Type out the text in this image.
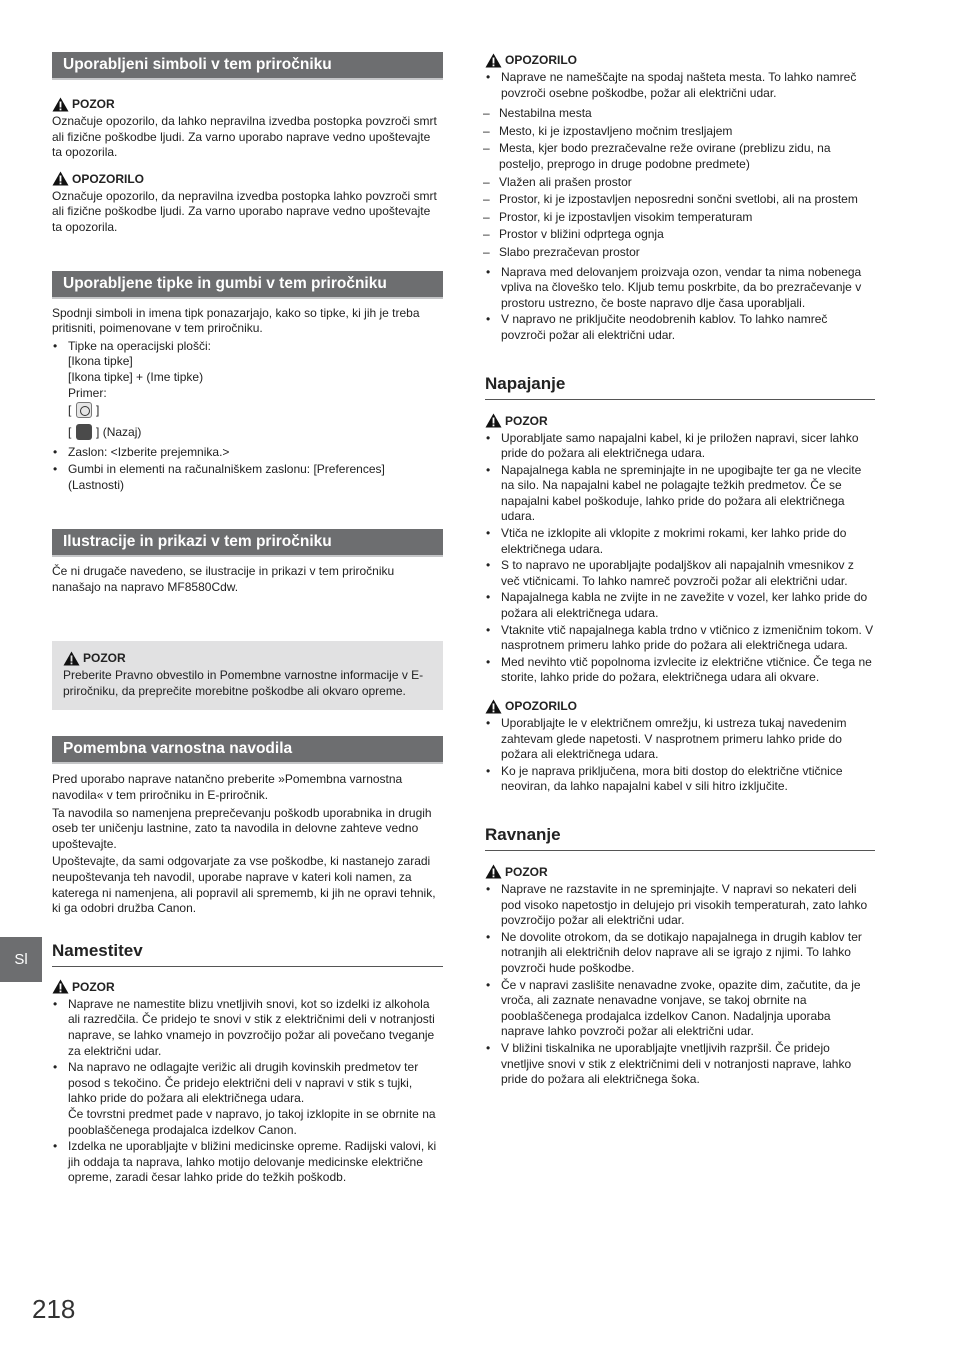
Uporabljeni simboli v tem priročniku
POZOR

Označuje opozorilo, da lahko nepravilna izvedba postopka povzroči smrt ali fizične poškodbe ljudi. Za varno uporabo naprave vedno upoštevajte ta opozorila.

OPOZORILO

Označuje opozorilo, da nepravilna izvedba postopka lahko povzroči smrt ali fizične poškodbe ljudi. Za varno uporabo naprave vedno upoštevajte ta opozorila.

Uporabljene tipke in gumbi v tem priročniku

Spodnji simboli in imena tipk ponazarjajo, kako so tipke, ki jih je treba pritisniti, poimenovane v tem priročniku.

• Tipke na operacijski plošči:
[Ikona tipke]
[Ikona tipke] + (Ime tipke)
Primer:
[ ]
[ ] (Nazaj)
• Zaslon: <Izberite prejemnika.>
• Gumbi in elementi na računalniškem zaslonu: [Preferences] (Lastnosti)
Ilustracije in prikazi v tem priročniku

Če ni drugače navedeno, se ilustracije in prikazi v tem priročniku nanašajo na napravo MF8580Cdw.

POZOR

Preberite Pravno obvestilo in Pomembne varnostne informacije v E-priročniku, da preprečite morebitne poškodbe ali okvaro opreme.

Pomembna varnostna navodila

Pred uporabo naprave natančno preberite »Pomembna varnostna navodila« v tem priročniku in E-priročnik.

Ta navodila so namenjena preprečevanju poškodb uporabnika in drugih oseb ter uničenju lastnine, zato ta navodila in delovne zahteve vedno upoštevajte.

Upoštevajte, da sami odgovarjate za vse poškodbe, ki nastanejo zaradi neupoštevanja teh navodil, uporabe naprave v kateri koli namen, za katerega ni namenjena, ali popravil ali sprememb, ki jih ne opravi tehnik, ki ga odobri družba Canon.

Namestitev
POZOR
• Naprave ne namestite blizu vnetljivih snovi, kot so izdelki iz alkohola ali razredčila. Če pridejo te snovi v stik z električnimi deli v notranjosti naprave, se lahko vnamejo in povzročijo požar ali povečano tveganje za električni udar.
• Na napravo ne odlagajte verižic ali drugih kovinskih predmetov ter posod s tekočino. Če pridejo električni deli v napravi v stik s tujki, lahko pride do požara ali električnega udara.
Če tovrstni predmet pade v napravo, jo takoj izklopite in se obrnite na pooblaščenega prodajalca izdelkov Canon.
• Izdelka ne uporabljajte v bližini medicinske opreme. Radijski valovi, ki jih oddaja ta naprava, lahko motijo delovanje medicinske električne opreme, zaradi česar lahko pride do težkih poškodb.
OPOZORILO
• Naprave ne nameščajte na spodaj našteta mesta. To lahko namreč povzroči osebne poškodbe, požar ali električni udar.
– Nestabilna mesta
– Mesto, ki je izpostavljeno močnim tresljajem
– Mesta, kjer bodo prezračevalne reže ovirane (preblizu zidu, na posteljo, preprogo in druge podobne predmete)
– Vlažen ali prašen prostor
– Prostor, ki je izpostavljen neposredni sončni svetlobi, ali na prostem
– Prostor, ki je izpostavljen visokim temperaturam
– Prostor v bližini odprtega ognja
– Slabo prezračevan prostor
• Naprava med delovanjem proizvaja ozon, vendar ta nima nobenega vpliva na človeško telo. Kljub temu poskrbite, da bo prezračevanje v prostoru ustrezno, če boste napravo dlje časa uporabljali.
• V napravo ne priključite neodobrenih kablov. To lahko namreč povzroči požar ali električni udar.
Napajanje
POZOR
• Uporabljate samo napajalni kabel, ki je priložen napravi, sicer lahko pride do požara ali električnega udara.
• Napajalnega kabla ne spreminjajte in ne upogibajte ter ga ne vlecite na silo. Na napajalni kabel ne polagajte težkih predmetov. Če se napajalni kabel poškoduje, lahko pride do požara ali električnega udara.
• Vtiča ne izklopite ali vklopite z mokrimi rokami, ker lahko pride do električnega udara.
• S to napravo ne uporabljajte podaljškov ali napajalnih vmesnikov z več vtičnicami. To lahko namreč povzroči požar ali električni udar.
• Napajalnega kabla ne zvijte in ne zavežite v vozel, ker lahko pride do požara ali električnega udara.
• Vtaknite vtič napajalnega kabla trdno v vtičnico z izmeničnim tokom. V nasprotnem primeru lahko pride do požara ali električnega udara.
• Med nevihto vtič popolnoma izvlecite iz električne vtičnice. Če tega ne storite, lahko pride do požara, električnega udara ali okvare.
OPOZORILO
• Uporabljajte le v električnem omrežju, ki ustreza tukaj navedenim zahtevam glede napetosti. V nasprotnem primeru lahko pride do požara ali električnega udara.
• Ko je naprava priključena, mora biti dostop do električne vtičnice neoviran, da lahko napajalni kabel v sili hitro izključite.
Ravnanje
POZOR
• Naprave ne razstavite in ne spreminjajte. V napravi so nekateri deli pod visoko napetostjo in delujejo pri visokih temperaturah, zato lahko povzročijo požar ali električni udar.
• Ne dovolite otrokom, da se dotikajo napajalnega in drugih kablov ter notranjih ali električnih delov naprave ali se igrajo z njimi. To lahko povzroči hude poškodbe.
• Če v napravi zaslišite nenavadne zvoke, opazite dim, začutite, da je vroča, ali zaznate nenavadne vonjave, se takoj obrnite na pooblaščenega prodajalca izdelkov Canon. Nadaljnja uporaba naprave lahko povzroči požar ali električni udar.
• V bližini tiskalnika ne uporabljajte vnetljivih razpršil. Če pridejo vnetljive snovi v stik z električnimi deli v notranjosti naprave, lahko pride do požara ali električnega šoka.
Sl
218
